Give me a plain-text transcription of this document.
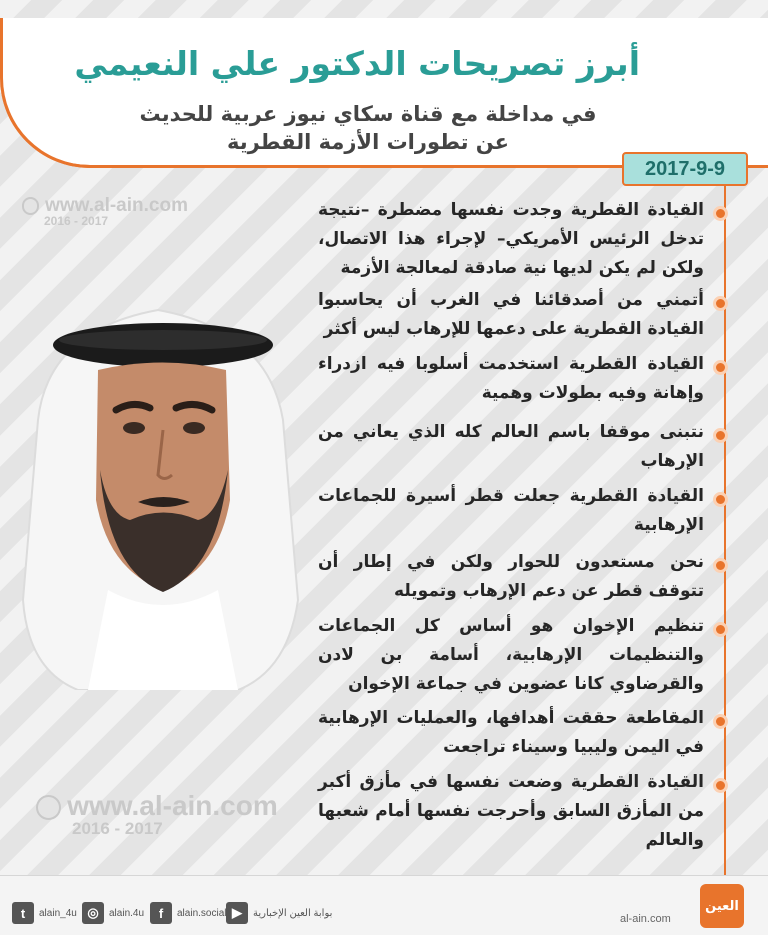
أبرز تصريحات الدكتور علي النعيمي
في مداخلة مع قناة سكاي نيوز عربية للحديث عن تطورات الأزمة القطرية
2017-9-9
www.al-ain.com
2016 - 2017
القيادة القطرية وجدت نفسها مضطرة –نتيجة تدخل الرئيس الأمريكي– لإجراء هذا الاتصال، ولكن لم يكن لديها نية صادقة لمعالجة الأزمة
أتمني من أصدقائنا في الغرب أن يحاسبوا القيادة القطرية على دعمها للإرهاب ليس أكثر
القيادة القطرية استخدمت أسلوبا فيه ازدراء وإهانة وفيه بطولات وهمية
نتبنى موقفا باسم العالم كله الذي يعاني من الإرهاب
القيادة القطرية جعلت قطر أسيرة للجماعات الإرهابية
نحن مستعدون للحوار ولكن في إطار أن تتوقف قطر عن دعم الإرهاب وتمويله
تنظيم الإخوان هو أساس كل الجماعات والتنظيمات الإرهابية، أسامة بن لادن والقرضاوي كانا عضوين في جماعة الإخوان
المقاطعة حققت أهدافها، والعمليات الإرهابية في اليمن وليبيا وسيناء تراجعت
القيادة القطرية وضعت نفسها في مأزق أكبر من المأزق السابق وأحرجت نفسها أمام شعبها والعالم
www.al-ain.com
2016 - 2017
t	alain_4u ◎	alain.4u	f	alain.social ▶	بوابة العين الإخبارية	al-ain.com
العين
